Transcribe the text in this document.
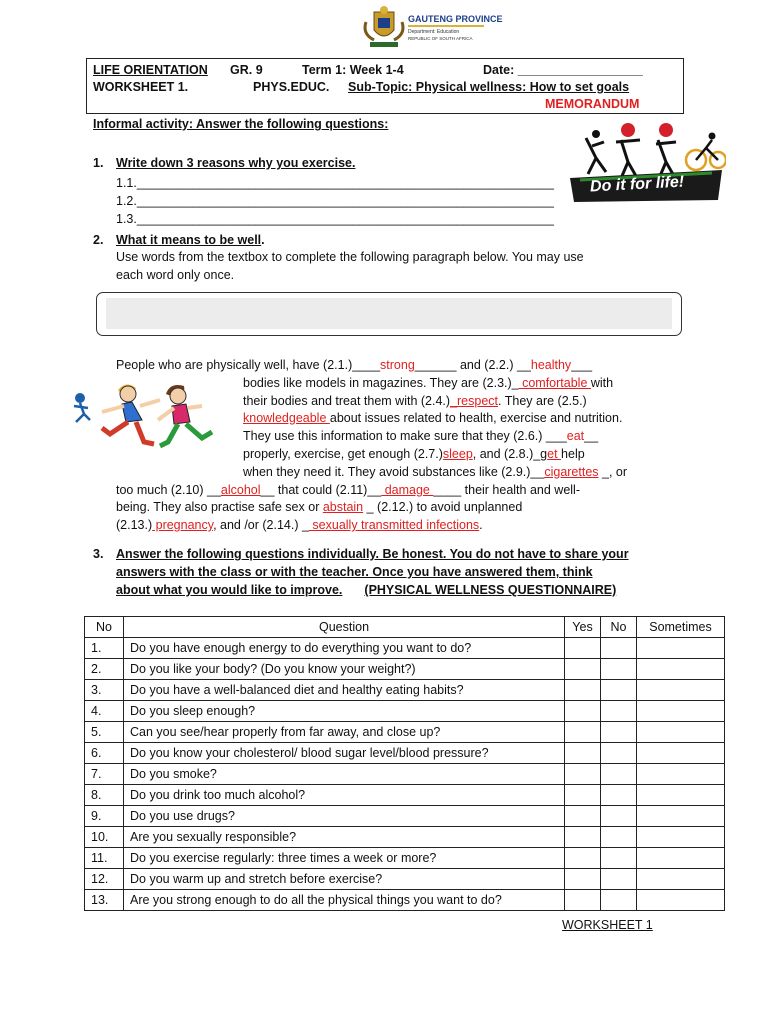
GAUTENG PROVINCE
Department: Education
REPUBLIC OF SOUTH AFRICA
LIFE ORIENTATION GR. 9	Term 1: Week 1-4	Date: __________________
WORKSHEET 1.	PHYS.EDUC. Sub-Topic: Physical wellness: How to set goals
MEMORANDUM
Informal activity: Answer the following questions:
1. Write down 3 reasons why you exercise.
1.1.____________________________________________________________
1.2.____________________________________________________________
1.3.____________________________________________________________
Do it for life!
2. What it means to be well.
Use words from the textbox to complete the following paragraph below. You may use
each word only once.
People who are physically well, have (2.1.)____strong______ and (2.2.) __healthy___
bodies like models in magazines. They are (2.3.)_ comfortable with
their bodies and treat them with (2.4.)_respect. They are (2.5.)
knowledgeable about issues related to health, exercise and nutrition.
They use this information to make sure that they (2.6.) ___eat__
properly, exercise, get enough (2.7.)sleep, and (2.8.)_get help
when they need it. They avoid substances like (2.9.)__cigarettes _, or
too much (2.10) __alcohol__ that could (2.11)__ damage ____ their health and well-
being. They also practise safe sex or abstain _ (2.12.) to avoid unplanned
(2.13.) pregnancy, and /or (2.14.) _ sexually transmitted infections.
3. Answer the following questions individually. Be honest. You do not have to share your
answers with the class or with the teacher. Once you have answered them, think
about what you would like to improve. (PHYSICAL WELLNESS QUESTIONNAIRE)
No	Question	Yes	No	Sometimes
1.	Do you have enough energy to do everything you want to do?			
2.	Do you like your body? (Do you know your weight?)			
3.	Do you have a well-balanced diet and healthy eating habits?			
4.	Do you sleep enough?			
5.	Can you see/hear properly from far away, and close up?			
6.	Do you know your cholesterol/ blood sugar level/blood pressure?			
7.	Do you smoke?			
8.	Do you drink too much alcohol?			
9.	Do you use drugs?			
10.	Are you sexually responsible?			
11.	Do you exercise regularly: three times a week or more?			
12.	Do you warm up and stretch before exercise?			
13.	Are you strong enough to do all the physical things you want to do?			
WORKSHEET 1
